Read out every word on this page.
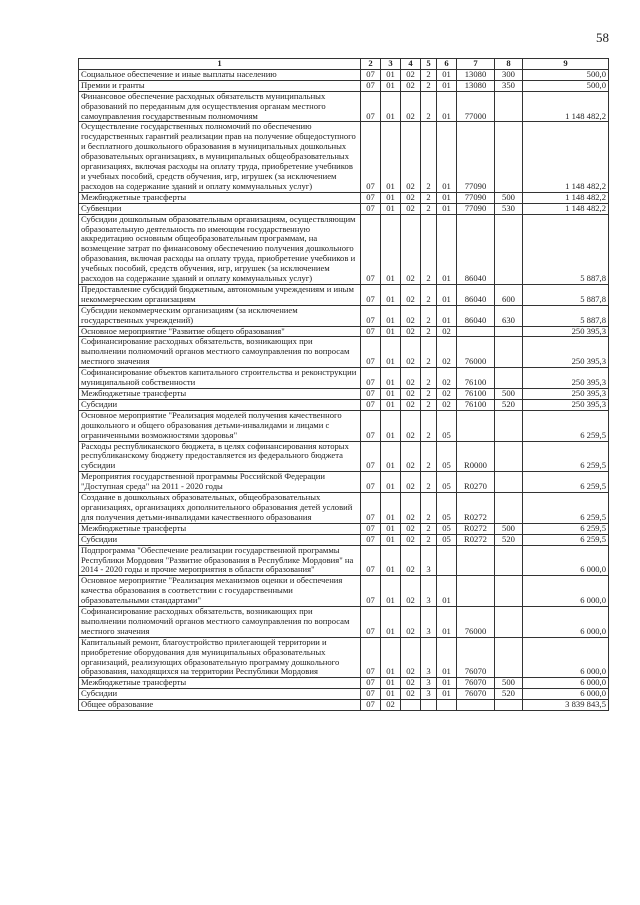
58
1	2	3	4	5	6	7	8	9
Социальное обеспечение и иные выплаты населению	07	01	02	2	01	13080	300	500,0
Премии и гранты	07	01	02	2	01	13080	350	500,0
Финансовое обеспечение расходных обязательств муниципальных образований по переданным для осуществления органам местного самоуправления государственным полномочиям	07	01	02	2	01	77000		1 148 482,2
Осуществление государственных полномочий по обеспечению государственных гарантий реализации прав на получение общедоступного и бесплатного дошкольного образования в муниципальных дошкольных образовательных организациях, в муниципальных общеобразовательных организациях, включая расходы на оплату труда, приобретение учебников и учебных пособий, средств обучения, игр, игрушек (за исключением расходов на содержание зданий и оплату коммунальных услуг)	07	01	02	2	01	77090		1 148 482,2
Межбюджетные трансферты	07	01	02	2	01	77090	500	1 148 482,2
Субвенции	07	01	02	2	01	77090	530	1 148 482,2
Субсидии дошкольным образовательным организациям, осуществляющим образовательную деятельность по имеющим государственную аккредитацию основным общеобразовательным программам, на возмещение затрат по финансовому обеспечению получения дошкольного образования, включая расходы на оплату труда, приобретение учебников и учебных пособий, средств обучения, игр, игрушек (за исключением расходов на содержание зданий и оплату коммунальных услуг)	07	01	02	2	01	86040		5 887,8
Предоставление субсидий бюджетным, автономным учреждениям и иным некоммерческим организациям	07	01	02	2	01	86040	600	5 887,8
Субсидии некоммерческим организациям (за исключением государственных учреждений)	07	01	02	2	01	86040	630	5 887,8
Основное мероприятие "Развитие общего образования"	07	01	02	2	02			250 395,3
Софинансирование расходных обязательств, возникающих при выполнении полномочий органов местного самоуправления по вопросам местного значения	07	01	02	2	02	76000		250 395,3
Софинансирование объектов капитального строительства и реконструкции муниципальной собственности	07	01	02	2	02	76100		250 395,3
Межбюджетные трансферты	07	01	02	2	02	76100	500	250 395,3
Субсидии	07	01	02	2	02	76100	520	250 395,3
Основное мероприятие "Реализация моделей получения качественного дошкольного и общего образования детьми-инвалидами и лицами с ограниченными возможностями здоровья"	07	01	02	2	05			6 259,5
Расходы республиканского бюджета, в целях софинансирования которых республиканскому бюджету предоставляется из федерального бюджета субсидии	07	01	02	2	05	R0000		6 259,5
Мероприятия государственной программы Российской Федерации "Доступная среда" на 2011 - 2020 годы	07	01	02	2	05	R0270		6 259,5
Создание в дошкольных образовательных, общеобразовательных организациях, организациях дополнительного образования детей условий для получения детьми-инвалидами качественного образования	07	01	02	2	05	R0272		6 259,5
Межбюджетные трансферты	07	01	02	2	05	R0272	500	6 259,5
Субсидии	07	01	02	2	05	R0272	520	6 259,5
Подпрограмма "Обеспечение реализации государственной программы Республики Мордовия "Развитие образования в Республике Мордовия" на 2014 - 2020 годы и прочие мероприятия в области образования"	07	01	02	3				6 000,0
Основное мероприятие "Реализация механизмов оценки и обеспечения качества образования в соответствии с государственными образовательными стандартами"	07	01	02	3	01			6 000,0
Софинансирование расходных обязательств, возникающих при выполнении полномочий органов местного самоуправления по вопросам местного значения	07	01	02	3	01	76000		6 000,0
Капитальный ремонт, благоустройство прилегающей территории и приобретение оборудования для муниципальных образовательных организаций, реализующих образовательную программу дошкольного образования, находящихся на территории Республики Мордовия	07	01	02	3	01	76070		6 000,0
Межбюджетные трансферты	07	01	02	3	01	76070	500	6 000,0
Субсидии	07	01	02	3	01	76070	520	6 000,0
Общее образование	07	02						3 839 843,5
